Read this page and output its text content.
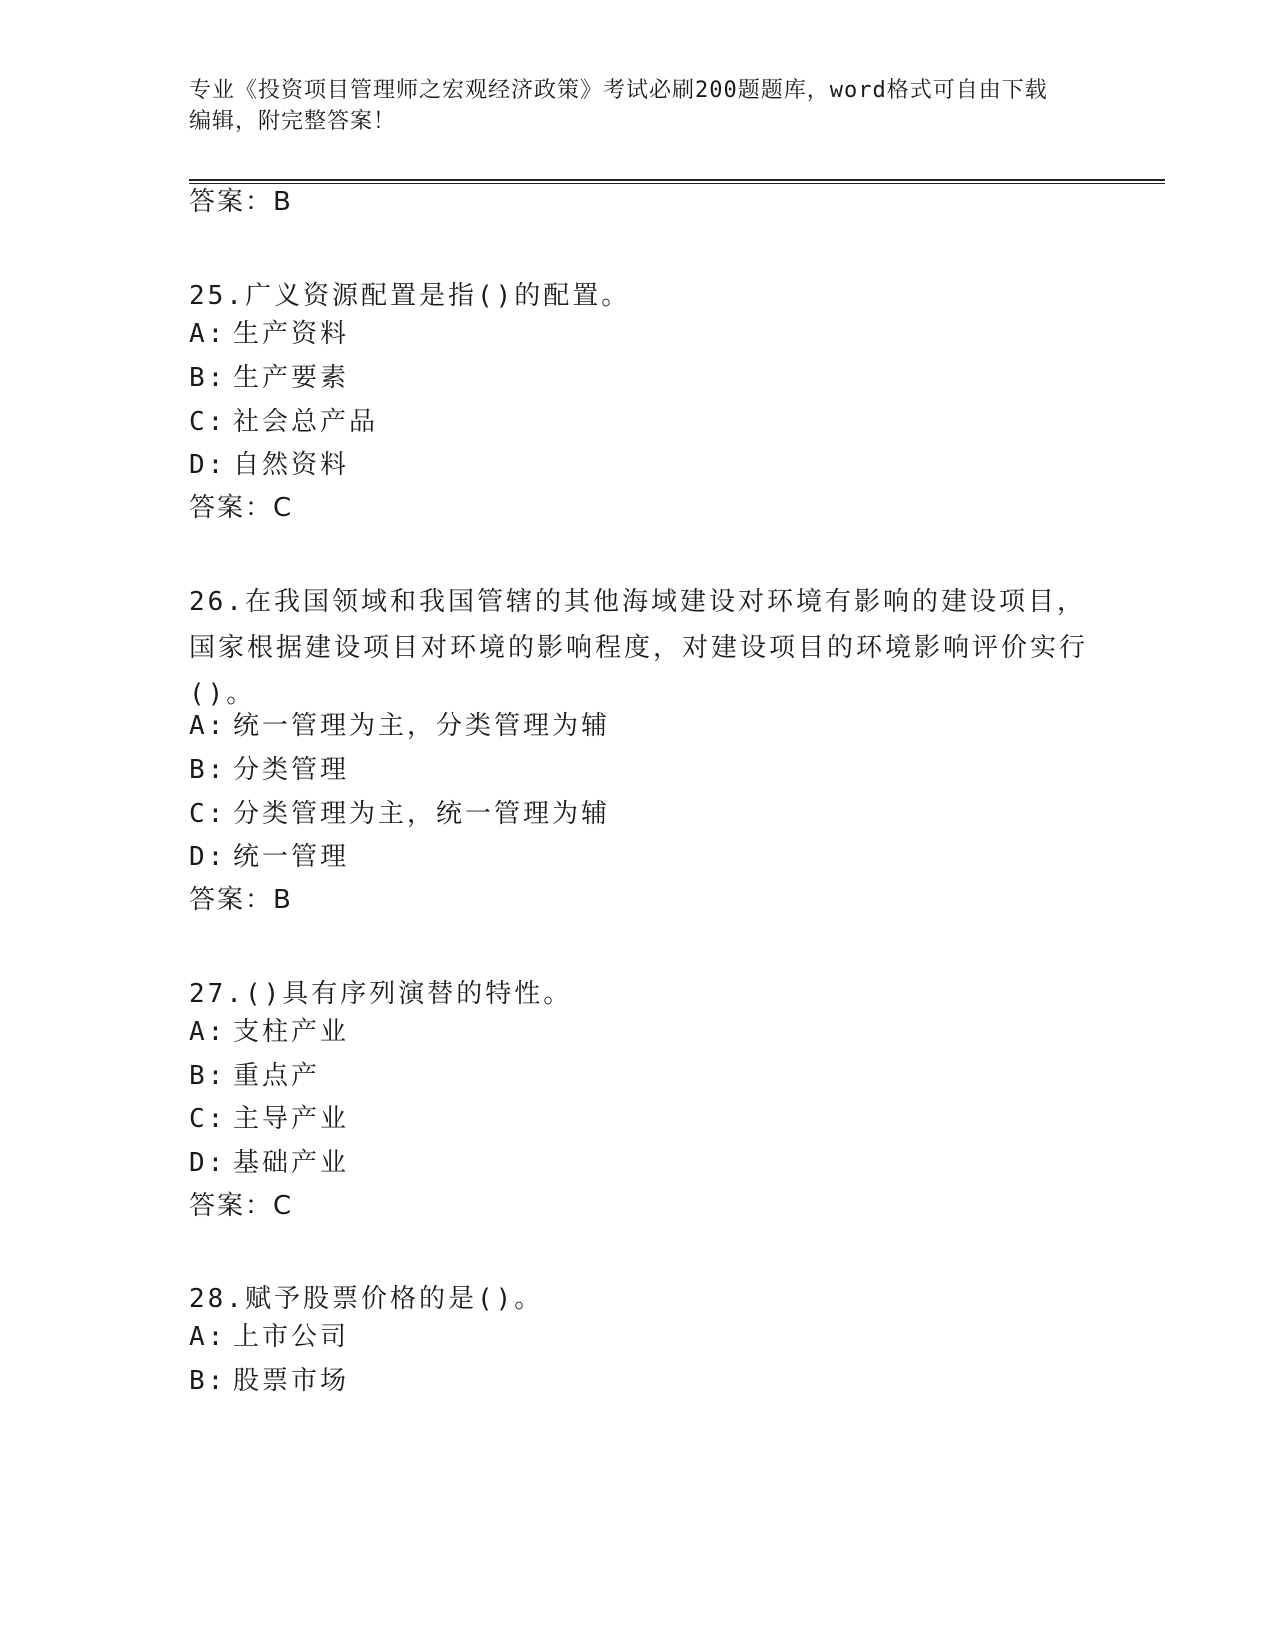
专业《投资项目管理师之宏观经济政策》考试必刷200题题库，word格式可自由下载编辑，附完整答案！
答案：B
25.广义资源配置是指()的配置。
A: 生产资料
B: 生产要素
C: 社会总产品
D: 自然资料
答案：C
26.在我国领域和我国管辖的其他海域建设对环境有影响的建设项目，国家根据建设项目对环境的影响程度，对建设项目的环境影响评价实行()。
A: 统一管理为主，分类管理为辅
B: 分类管理
C: 分类管理为主，统一管理为辅
D: 统一管理
答案：B
27.()具有序列演替的特性。
A: 支柱产业
B: 重点产
C: 主导产业
D: 基础产业
答案：C
28.赋予股票价格的是()。
A: 上市公司
B: 股票市场
